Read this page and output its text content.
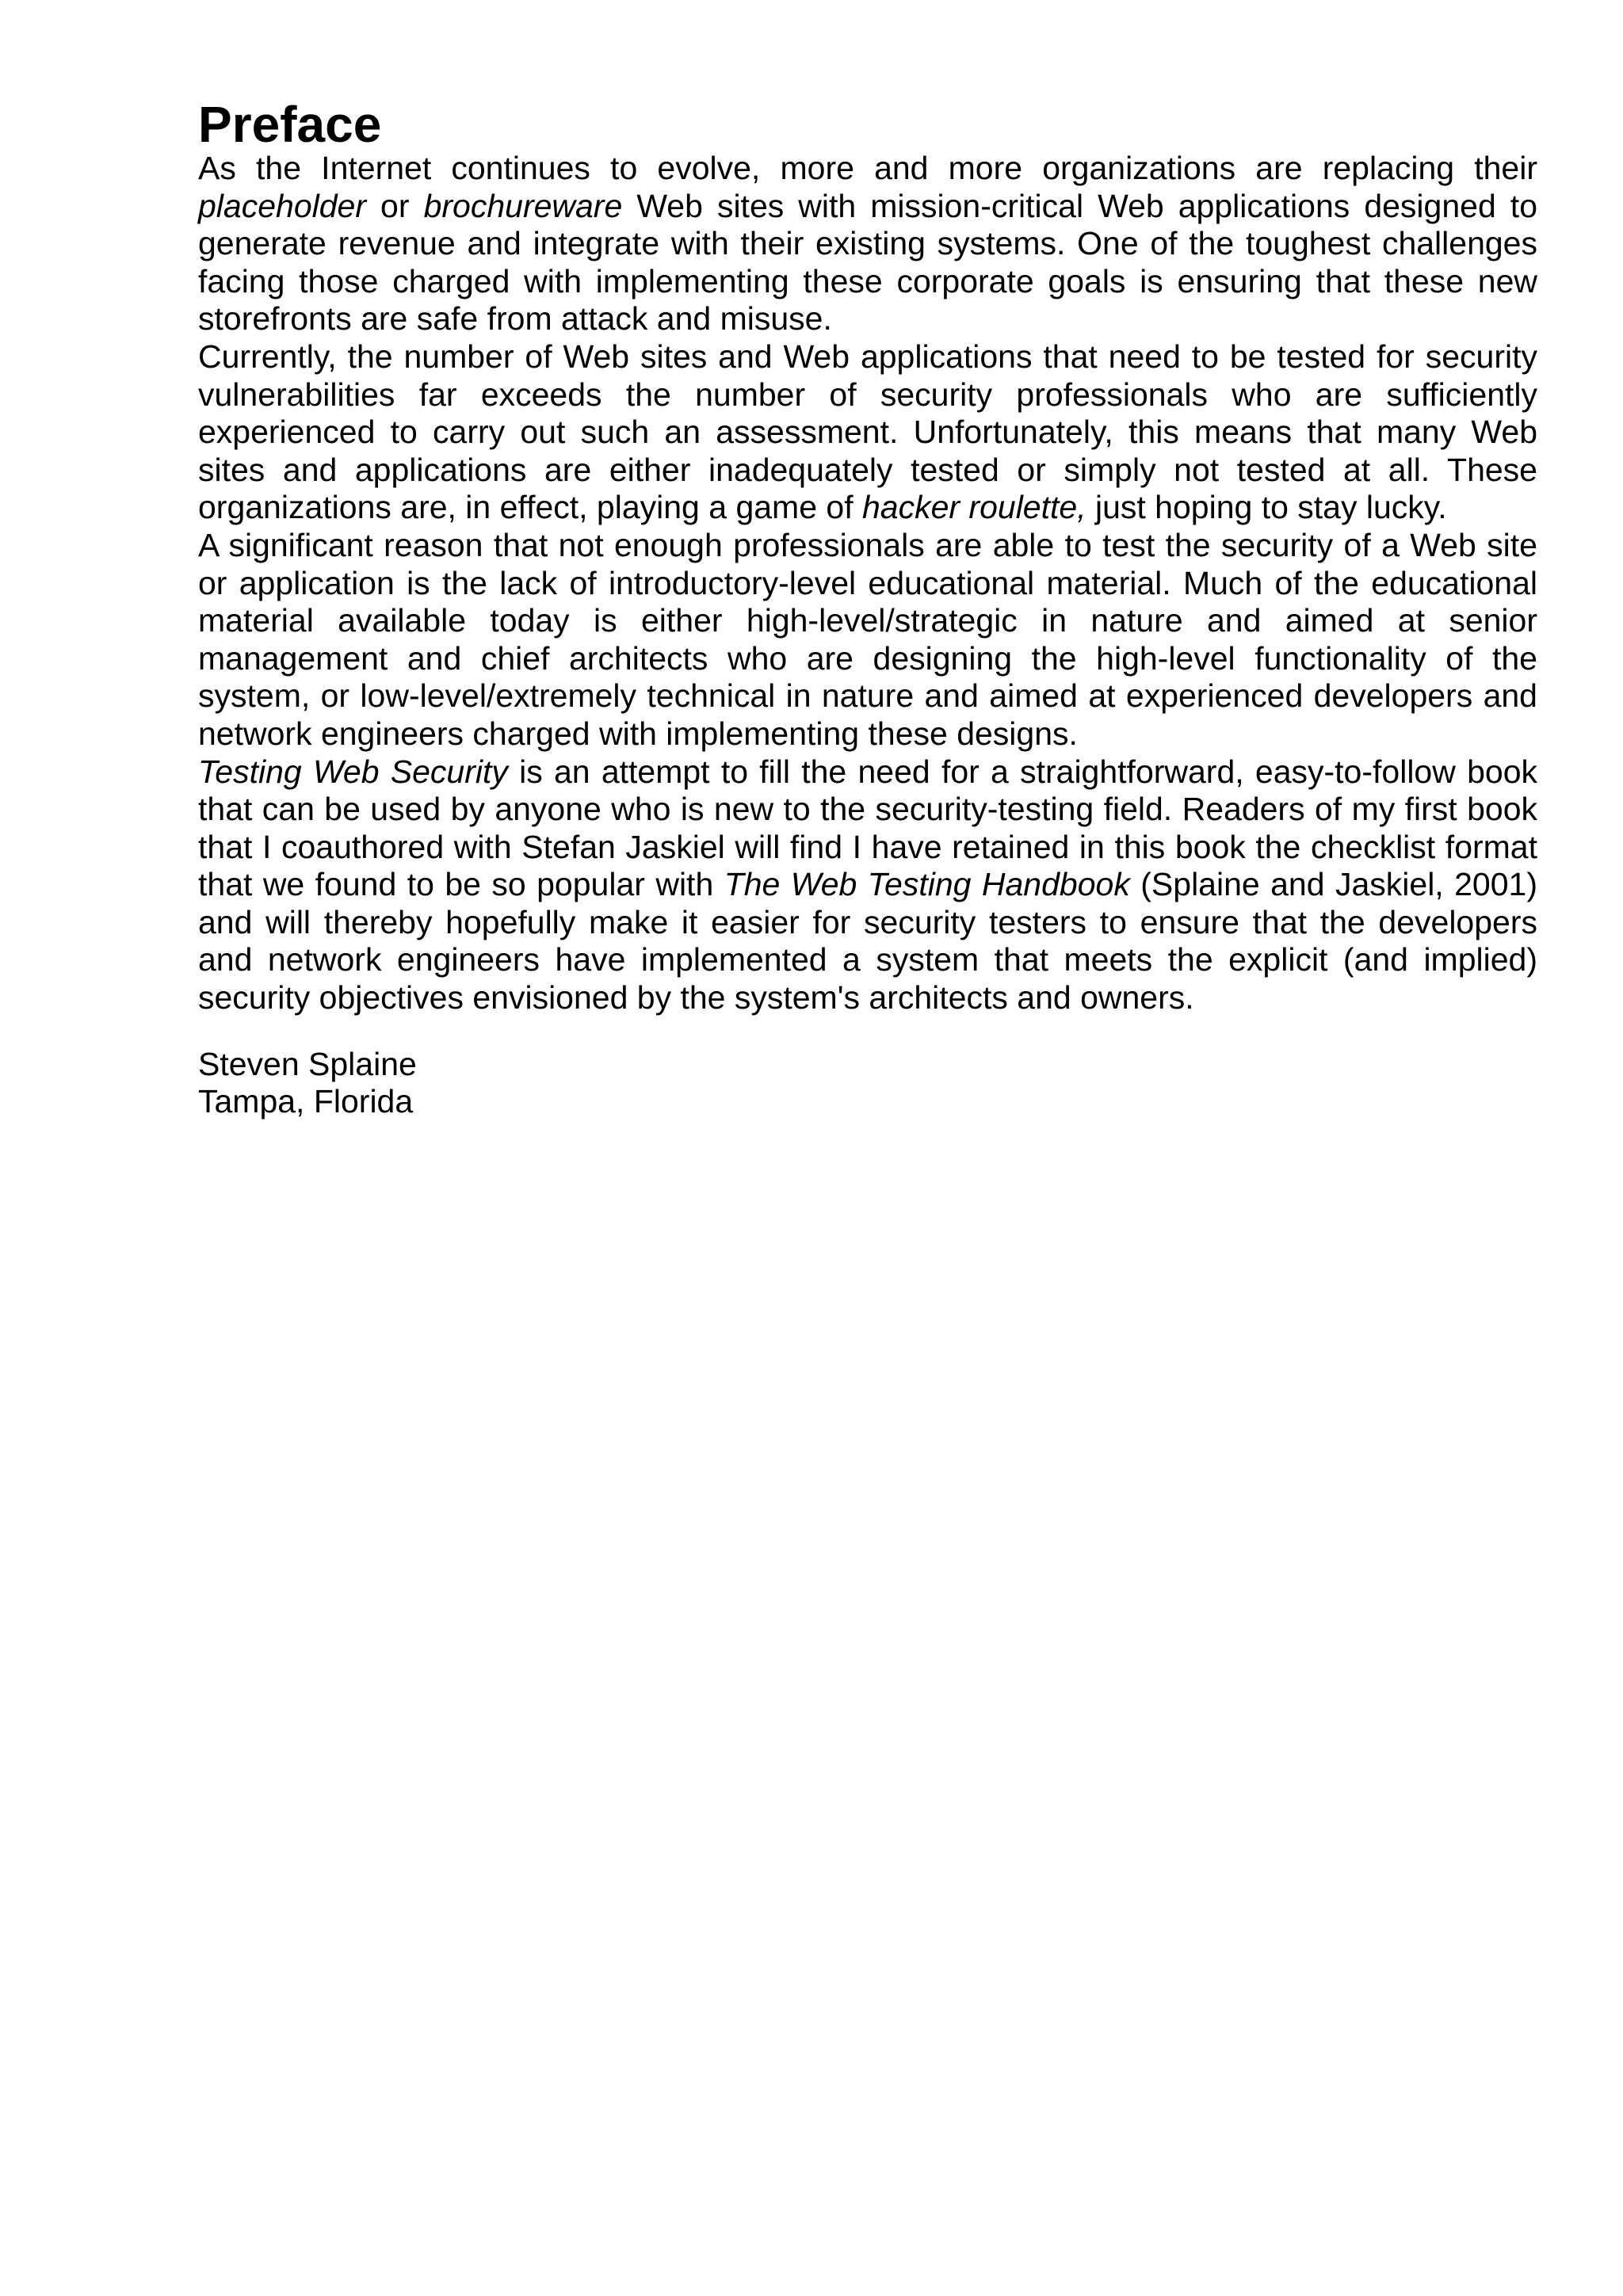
Preface

As the Internet continues to evolve, more and more organizations are replacing their placeholder or brochureware Web sites with mission-critical Web applications designed to generate revenue and integrate with their existing systems. One of the toughest challenges facing those charged with implementing these corporate goals is ensuring that these new storefronts are safe from attack and misuse.

Currently, the number of Web sites and Web applications that need to be tested for security vulnerabilities far exceeds the number of security professionals who are sufficiently experienced to carry out such an assessment. Unfortunately, this means that many Web sites and applications are either inadequately tested or simply not tested at all. These organizations are, in effect, playing a game of hacker roulette, just hoping to stay lucky.

A significant reason that not enough professionals are able to test the security of a Web site or application is the lack of introductory-level educational material. Much of the educational material available today is either high-level/strategic in nature and aimed at senior management and chief architects who are designing the high-level functionality of the system, or low-level/extremely technical in nature and aimed at experienced developers and network engineers charged with implementing these designs.

Testing Web Security is an attempt to fill the need for a straightforward, easy-to-follow book that can be used by anyone who is new to the security-testing field. Readers of my first book that I coauthored with Stefan Jaskiel will find I have retained in this book the checklist format that we found to be so popular with The Web Testing Handbook (Splaine and Jaskiel, 2001) and will thereby hopefully make it easier for security testers to ensure that the developers and network engineers have implemented a system that meets the explicit (and implied) security objectives envisioned by the system's architects and owners.

Steven Splaine
Tampa, Florida
